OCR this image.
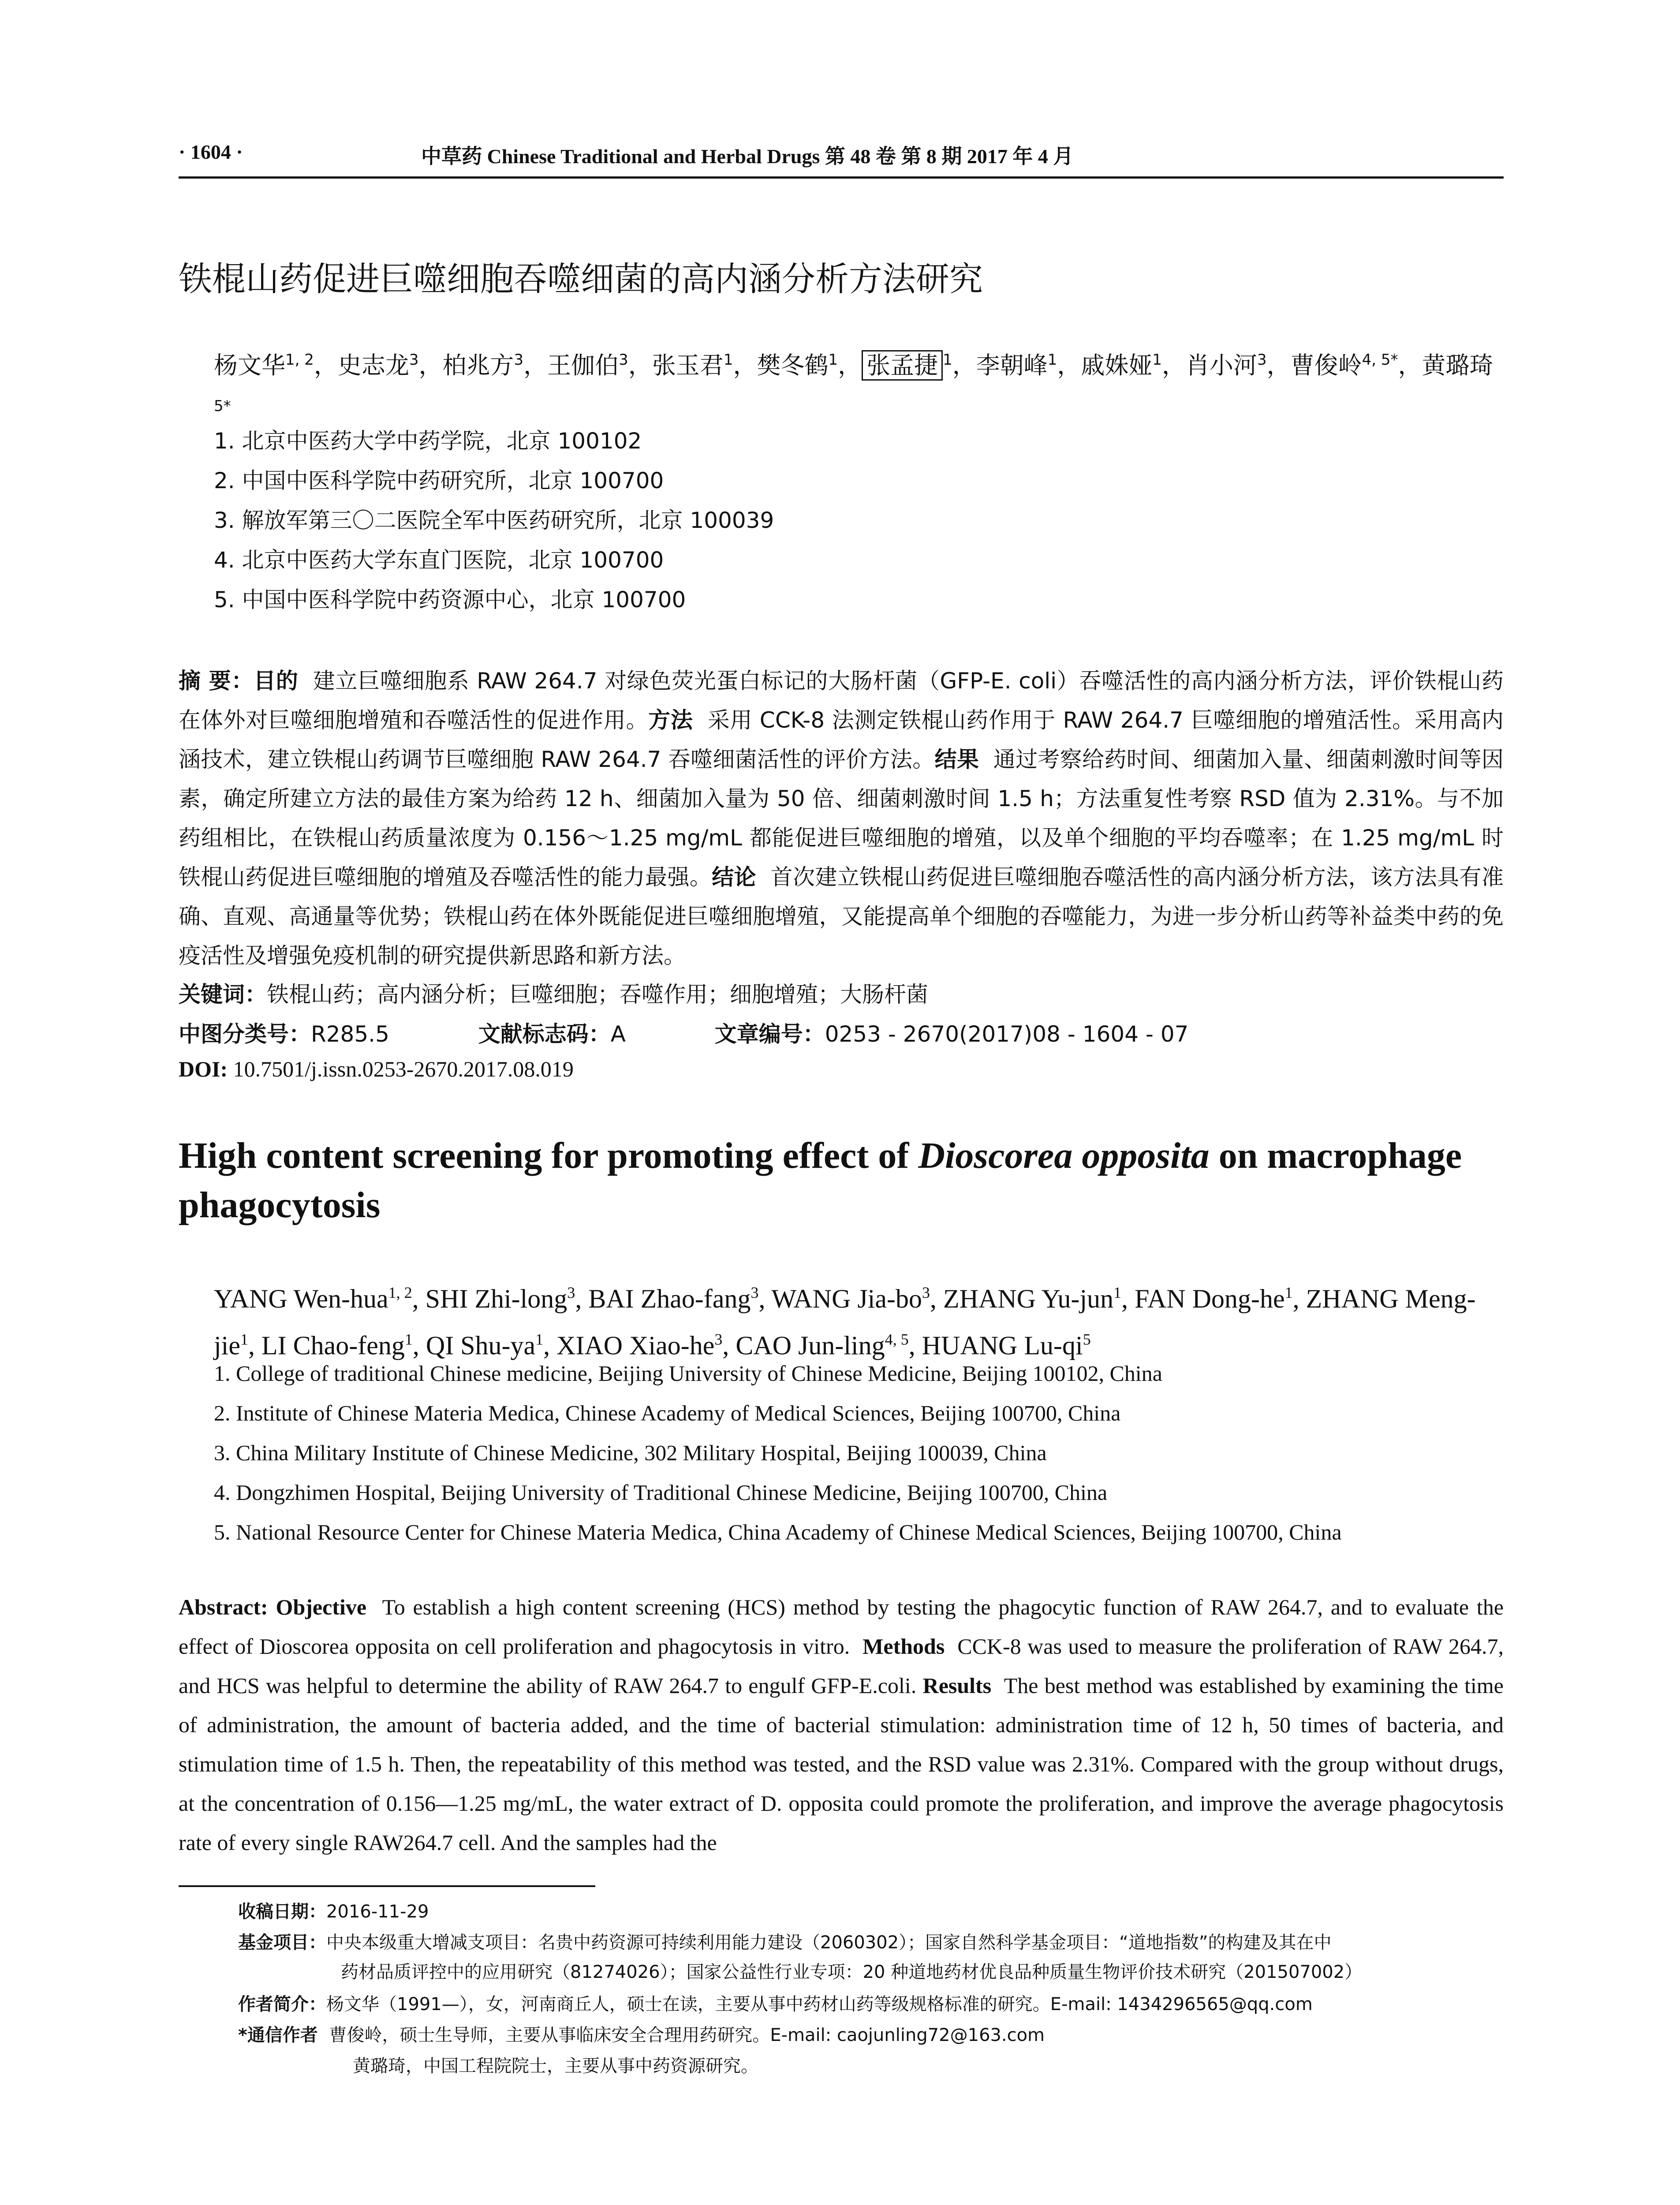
· 1604 ·	中草药 Chinese Traditional and Herbal Drugs 第 48 卷 第 8 期 2017 年 4 月
铁棍山药促进巨噬细胞吞噬细菌的高内涵分析方法研究
杨文华$^{1, 2}$，史志龙$^3$，柏兆方$^3$，王伽伯$^3$，张玉君$^1$，樊冬鹤$^1$， 张孟捷 $^1$，李朝峰$^1$，戚姝娅$^1$，肖小河$^3$，曹俊岭$^{4, 5*}$，黄璐琦$^{5*}$
1. 北京中医药大学中药学院，北京 100102
2. 中国中医科学院中药研究所，北京 100700
3. 解放军第三〇二医院全军中医药研究所，北京 100039
4. 北京中医药大学东直门医院，北京 100700
5. 中国中医科学院中药资源中心，北京 100700
摘 要：目的 建立巨噬细胞系 RAW 264.7 对绿色荧光蛋白标记的大肠杆菌（GFP-E. coli）吞噬活性的高内涵分析方法，评价铁棍山药在体外对巨噬细胞增殖和吞噬活性的促进作用。方法 采用 CCK-8 法测定铁棍山药作用于 RAW 264.7 巨噬细胞的增殖活性。采用高内涵技术，建立铁棍山药调节巨噬细胞 RAW 264.7 吞噬细菌活性的评价方法。结果 通过考察给药时间、细菌加入量、细菌刺激时间等因素，确定所建立方法的最佳方案为给药 12 h、细菌加入量为 50 倍、细菌刺激时间 1.5 h；方法重复性考察 RSD 值为 2.31%。与不加药组相比，在铁棍山药质量浓度为 0.156～1.25 mg/mL 都能促进巨噬细胞的增殖，以及单个细胞的平均吞噬率；在 1.25 mg/mL 时铁棍山药促进巨噬细胞的增殖及吞噬活性的能力最强。结论 首次建立铁棍山药促进巨噬细胞吞噬活性的高内涵分析方法，该方法具有准确、直观、高通量等优势；铁棍山药在体外既能促进巨噬细胞增殖，又能提高单个细胞的吞噬能力，为进一步分析山药等补益类中药的免疫活性及增强免疫机制的研究提供新思路和新方法。
关键词：铁棍山药；高内涵分析；巨噬细胞；吞噬作用；细胞增殖；大肠杆菌
中图分类号：R285.5	文献标志码：A	文章编号：0253 - 2670(2017)08 - 1604 - 07
DOI: 10.7501/j.issn.0253-2670.2017.08.019
High content screening for promoting effect of Dioscorea opposita on macrophage phagocytosis
YANG Wen-hua$^{1, 2}$, SHI Zhi-long$^3$, BAI Zhao-fang$^3$, WANG Jia-$bo^3$, ZHANG Yu-jun$^1$, FAN Dong-$he^1$, ZHANG Meng-jie$^1$, LI Chao-feng$^1$, QI Shu-$ya^1$, XIAO Xiao-$he^3$, CAO Jun-ling$^{4, 5}$, HUANG $Lu-qi^5$
1. College of traditional Chinese medicine, Beijing University of Chinese Medicine, Beijing 100102, China
2. Institute of Chinese Materia Medica, Chinese Academy of Medical Sciences, Beijing 100700, China
3. China Military Institute of Chinese Medicine, 302 Military Hospital, Beijing 100039, China
4. Dongzhimen Hospital, Beijing University of Traditional Chinese Medicine, Beijing 100700, China
5. National Resource Center for Chinese Materia Medica, China Academy of Chinese Medical Sciences, Beijing 100700, China
Abstract: Objective To establish a high content screening (HCS) method by testing the phagocytic function of RAW 264.7, and to evaluate the effect of Dioscorea opposita on cell proliferation and phagocytosis in vitro. Methods CCK-8 was used to measure the proliferation of RAW 264.7, and HCS was helpful to determine the ability of RAW 264.7 to engulf GFP-E.coli. Results The best method was established by examining the time of administration, the amount of bacteria added, and the time of bacterial stimulation: administration time of 12 h, 50 times of bacteria, and stimulation time of 1.5 h. Then, the repeatability of this method was tested, and the RSD value was 2.31%. Compared with the group without drugs, at the concentration of 0.156—1.25 mg/mL, the water extract of D. opposita could promote the proliferation, and improve the average phagocytosis rate of every single RAW264.7 cell. And the samples had the
收稿日期：2016-11-29
基金项目：中央本级重大增减支项目：名贵中药资源可持续利用能力建设（2060302）；国家自然科学基金项目：“道地指数”的构建及其在中
药材品质评控中的应用研究（81274026）；国家公益性行业专项：20 种道地药材优良品种质量生物评价技术研究（201507002）
作者简介：杨文华（1991—），女，河南商丘人，硕士在读，主要从事中药材山药等级规格标准的研究。E-mail: 1434296565@qq.com
*通信作者 曹俊岭，硕士生导师，主要从事临床安全合理用药研究。E-mail: caojunling72@163.com
黄璐琦，中国工程院院士，主要从事中药资源研究。
